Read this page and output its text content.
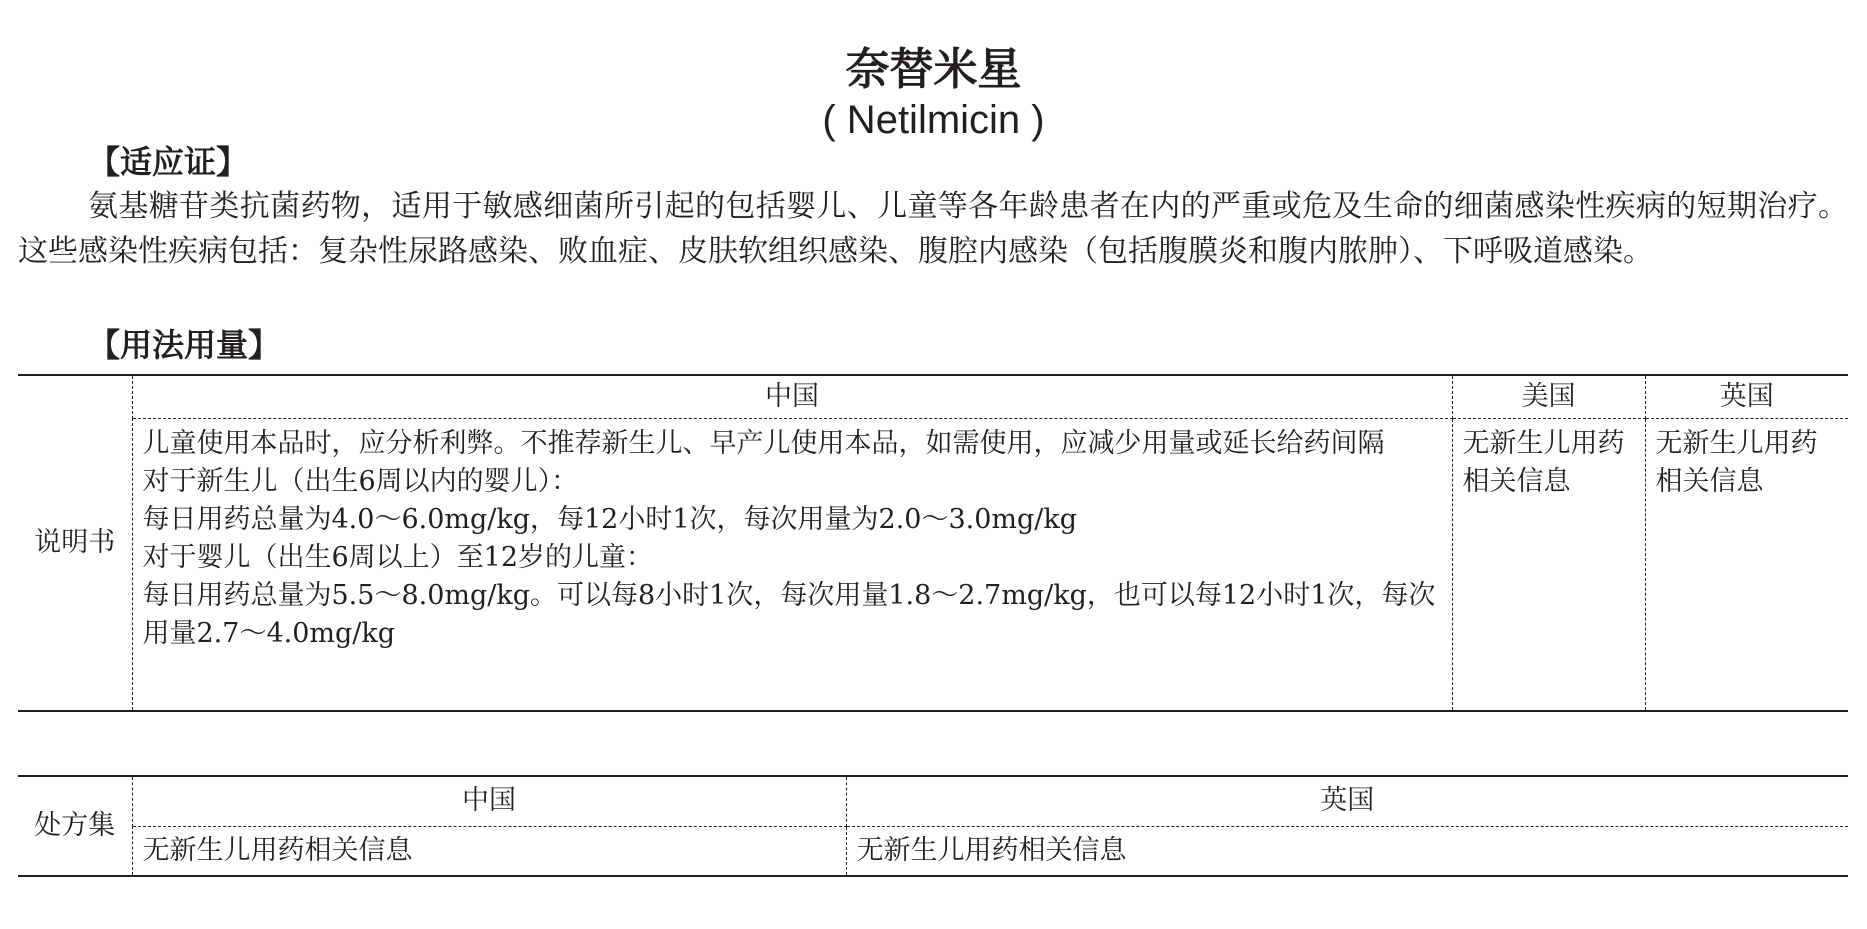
奈替米星
( Netilmicin )
【适应证】

氨基糖苷类抗菌药物，适用于敏感细菌所引起的包括婴儿、儿童等各年龄患者在内的严重或危及生命的细菌感染性疾病的短期治疗。这些感染性疾病包括：复杂性尿路感染、败血症、皮肤软组织感染、腹腔内感染（包括腹膜炎和腹内脓肿）、下呼吸道感染。

【用法用量】
说明书	中国	美国	英国

	儿童使用本品时，应分析利弊。不推荐新生儿、早产儿使用本品，如需使用，应减少用量或延长给药间隔
对于新生儿（出生6周以内的婴儿）：
每日用药总量为4.0～6.0mg/kg，每12小时1次，每次用量为2.0～3.0mg/kg
对于婴儿（出生6周以上）至12岁的儿童：
每日用药总量为5.5～8.0mg/kg。可以每8小时1次，每次用量1.8～2.7mg/kg，也可以每12小时1次，每次用量2.7～4.0mg/kg	无新生儿用药相关信息	无新生儿用药相关信息
处方集	中国	英国
	无新生儿用药相关信息	无新生儿用药相关信息
